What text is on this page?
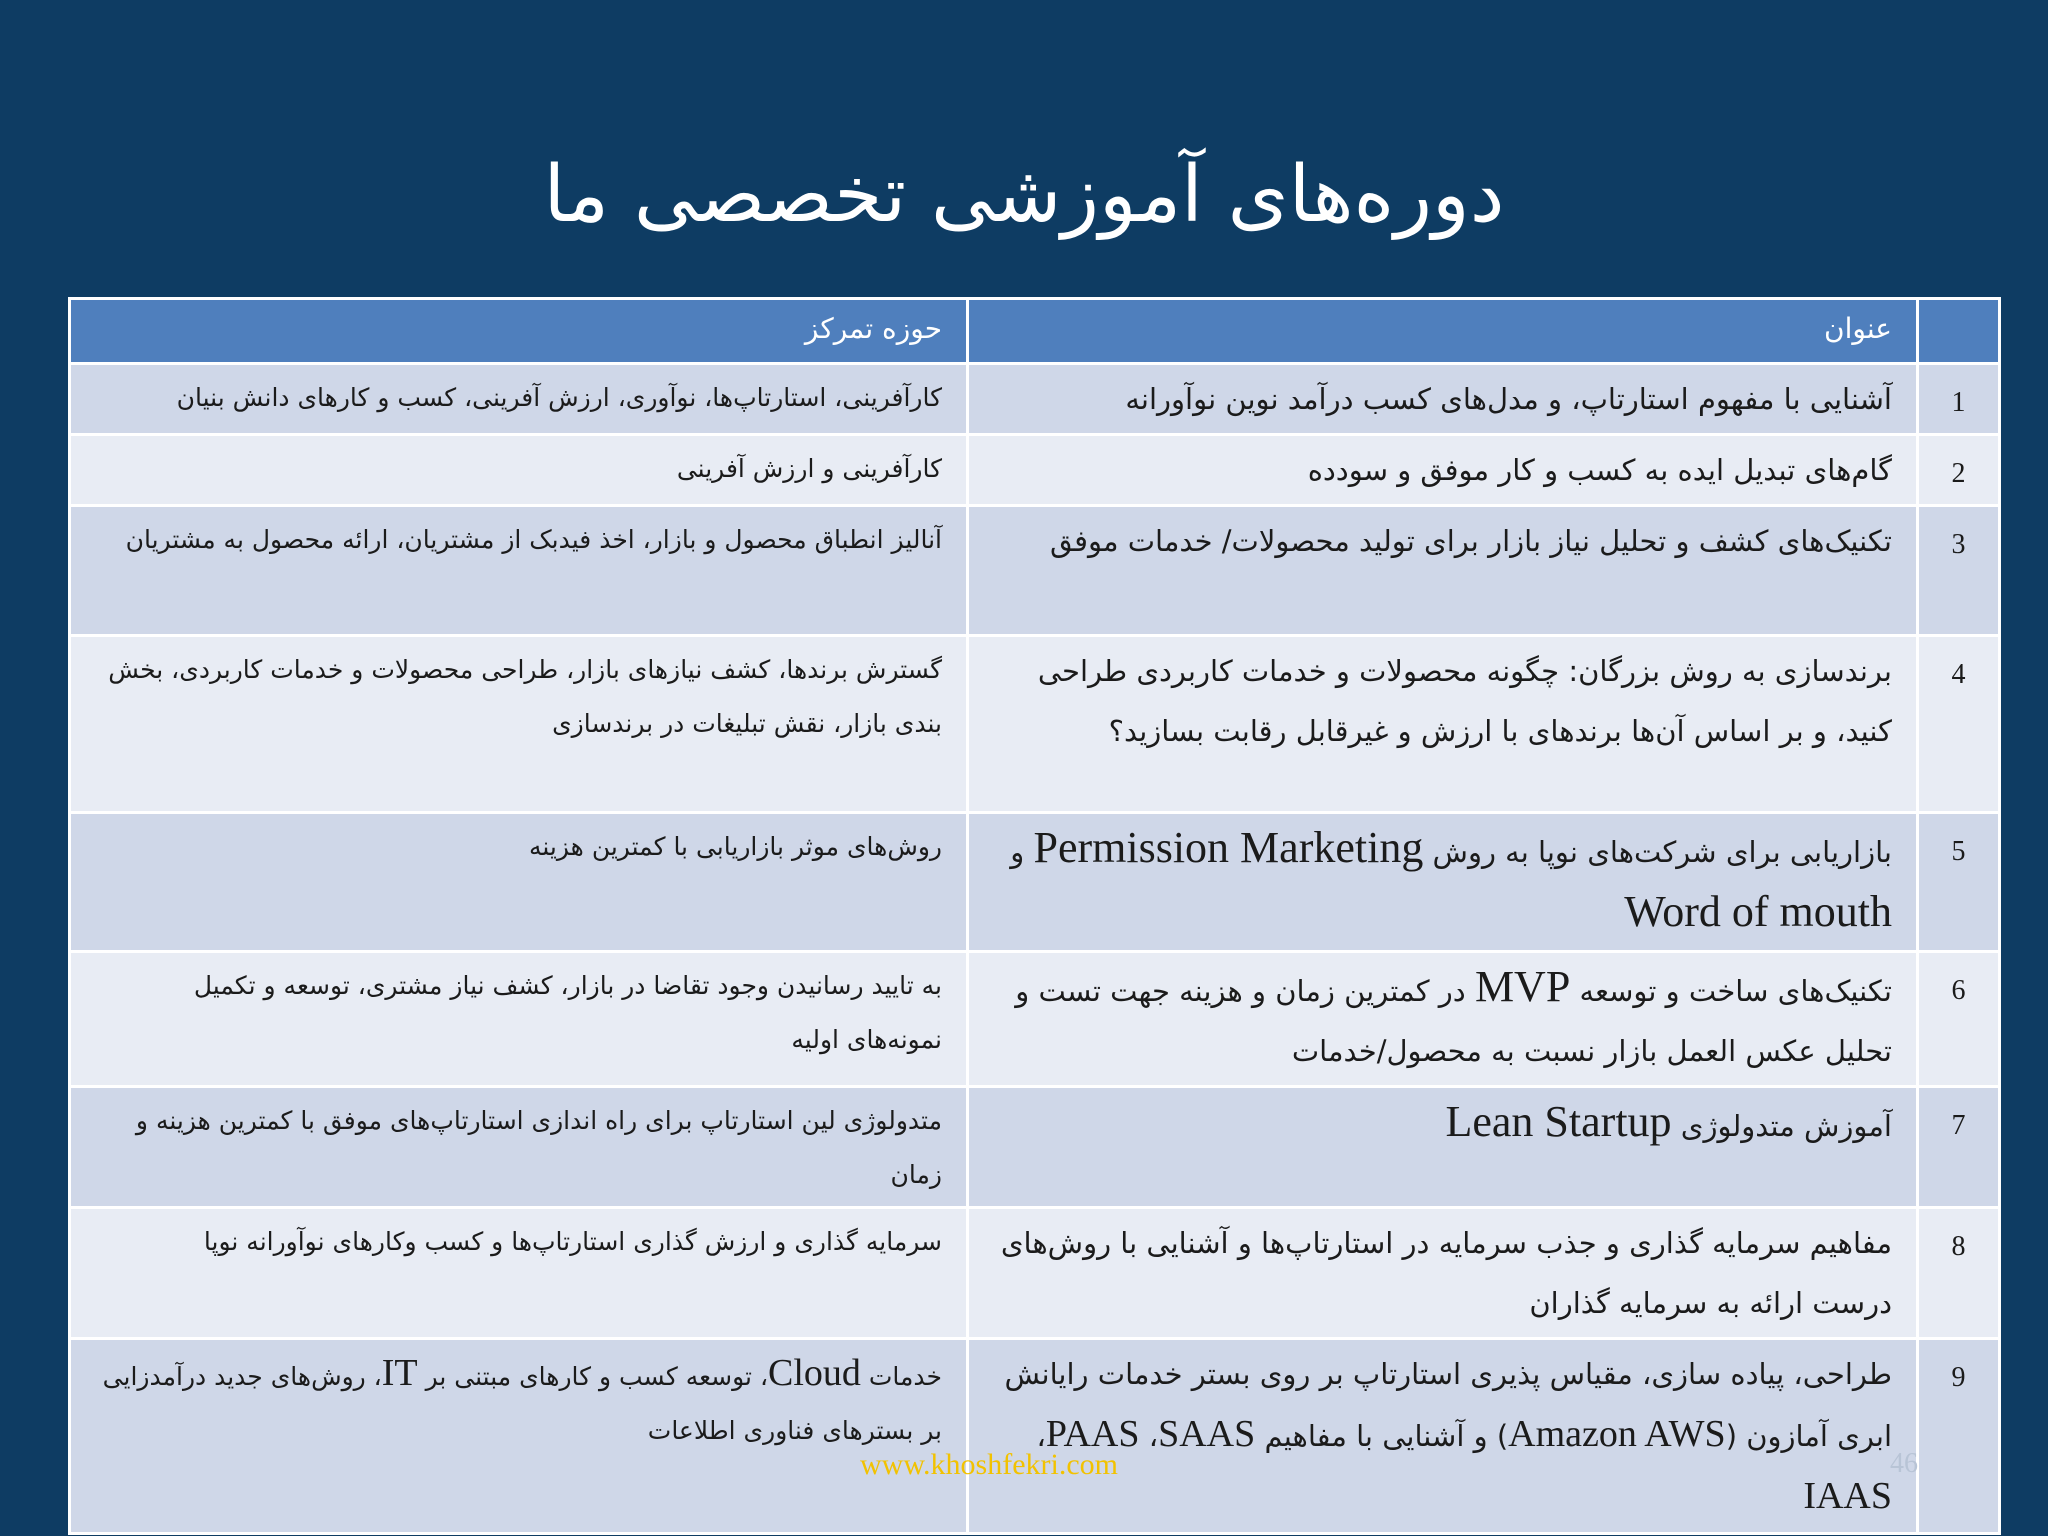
دوره‌های آموزشی تخصصی ما
	عنوان	حوزه تمرکز
1	آشنایی با مفهوم استارتاپ، و مدل‌های کسب درآمد نوین نوآورانه	کارآفرینی، استارتاپ‌ها، نوآوری، ارزش آفرینی، کسب و کارهای دانش بنیان
2	گام‌های تبدیل ایده به کسب و کار موفق و سودده	کارآفرینی و ارزش آفرینی
3	تکنیک‌های کشف و تحلیل نیاز بازار برای تولید محصولات/ خدمات موفق	آنالیز انطباق محصول و بازار، اخذ فیدبک از مشتریان، ارائه محصول به مشتریان
4	برندسازی به روش بزرگان: چگونه محصولات و خدمات کاربردی طراحی کنید، و بر اساس آن‌ها برندهای با ارزش و غیرقابل رقابت بسازید؟	گسترش برندها، کشف نیازهای بازار، طراحی محصولات و خدمات کاربردی، بخش بندی بازار، نقش تبلیغات در برندسازی
5	بازاریابی برای شرکت‌های نوپا به روش Permission Marketing و Word of mouth	روش‌های موثر بازاریابی با کمترین هزینه
6	تکنیک‌های ساخت و توسعه MVP در کمترین زمان و هزینه جهت تست و تحلیل عکس العمل بازار نسبت به محصول/خدمات	به تایید رسانیدن وجود تقاضا در بازار، کشف نیاز مشتری، توسعه و تکمیل نمونه‌های اولیه
7	آموزش متدولوژی Lean Startup	متدولوژی لین استارتاپ برای راه اندازی استارتاپ‌های موفق با کمترین هزینه و زمان
8	مفاهیم سرمایه گذاری و جذب سرمایه در استارتاپ‌ها و آشنایی با روش‌های درست ارائه به سرمایه گذاران	سرمایه گذاری و ارزش گذاری استارتاپ‌ها و کسب وکارهای نوآورانه نوپا
9	طراحی، پیاده سازی، مقیاس پذیری استارتاپ بر روی بستر خدمات رایانش ابری آمازون (Amazon AWS) و آشنایی با مفاهیم SAAS، PAAS، IAAS	خدمات Cloud، توسعه کسب و کارهای مبتنی بر IT، روش‌های جدید درآمدزایی بر بسترهای فناوری اطلاعات
www.khoshfekri.com	46
